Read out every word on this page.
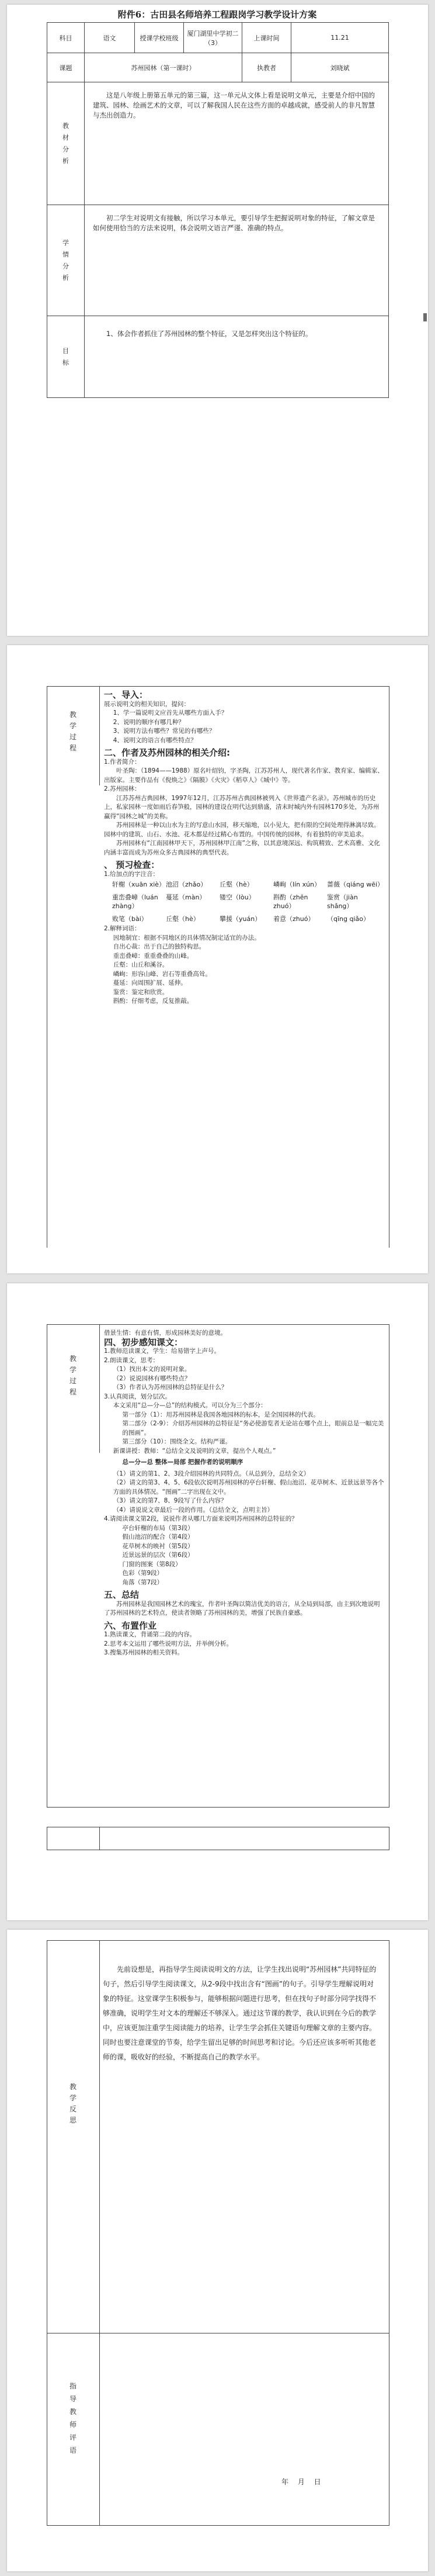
附件6：古田县名师培养工程跟岗学习教学设计方案
科目	语文	授课学校班级	厦门湖里中学初二（3）	上课时间	11.21
课题	苏州园林（第一课时）			执教者	刘晓斌

教
材
分
析	这是八年级上册第五单元的第三篇，这一单元从文体上看是说明文单元，主要是介绍中国的建筑、园林、绘画艺术的文章，可以了解我国人民在这些方面的卓越成就，感受前人的非凡智慧与杰出创造力。				

学
情
分
析	初二学生对说明文有接触，所以学习本单元，要引导学生把握说明对象的特征，了解文章是如何使用恰当的方法来说明，体会说明文语言严谨、准确的特点。				

目
标	1、体会作者抓住了苏州园林的整个特征，又是怎样突出这个特征的。				

教
学
过
程

一、导入：

展示说明文的相关知识，提问：

1、学一篇说明文应首先从哪些方面入手？

2、说明的顺序有哪几种？

3、说明方法有哪些？常见的有哪些？

4、说明文的语言有哪些特点？

二、作者及苏州园林的相关介绍:

1.作者简介：

叶圣陶：（1894——1988）原名叶绍钧，字圣陶，江苏苏州人，现代著名作家、教育家、编辑家、出版家。主要作品有《倪焕之》《隔膜》《火灾》《稻草人》《城中》等。

2.苏州园林：

江苏苏州古典园林，1997年12月，江苏苏州古典园林被列入《世界遗产名录》。苏州城市的历史上，私家园林一度如雨后春笋般，园林的建设在明代达到鼎盛，清末时城内外有园林170多处，为苏州赢得“园林之城”的美称。

苏州园林是一种以山水为主的写意山水园，移天缩地，以小见大，把有限的空间处理得淋漓尽致。园林中的建筑、山石、水池、花木都是经过精心布置的。中国传统的园林，有着独特的审美追求。

苏州园林有“江南园林甲天下，苏州园林甲江南”之称，以其意境深远、构筑精致、艺术高雅、文化内涵丰富而成为苏州众多古典园林的典型代表。

、 预习检查：

1.给加点的字注音：

轩榭（xuān xiè） 池沼（zhǎo）	丘壑（hè）	嶙峋（lín xún） 蔷薇（qiáng wēi）
重峦叠嶂（luán zhàng）
蔓延（màn）	镂空（lòu）	斟酌（zhēn zhuó）
鉴赏（jiàn shǎng）
败笔（bài）	丘壑（hè）	攀援（yuán）	着意（zhuó）	（qīng qiǎo）

2.解释词语：

因地制宜：根据不同地区的具体情况制定适宜的办法。

自出心裁：出于自己的独特构思。

重峦叠嶂：重重叠叠的山峰。

丘壑：山丘和溪谷。

嶙峋：形容山峰、岩石等重叠高耸。

蔓延：向周围扩展、延伸。

鉴赏：鉴定和欣赏。

斟酌：仔细考虑，反复推敲。

教
学
过
程

借景生情：有意有情，形成园林美好的意境。

四、初步感知课文：

1.教师范读课文，学生：给易错字上声号。

2.朗读课文，思考：

（1）找出本文的说明对象。

（2）说说园林有哪些特点？

（3）作者认为苏州园林的总特征是什么？

3.认真阅读，划分层次。

本文采用“总—分—总”的结构模式。可以分为三个部分：

第一部分（1）：用苏州园林是我国各地园林的标本，是全国园林的代表。

第二部分（2-9）：介绍苏州园林的总特征是“务必使游览者无论站在哪个点上，眼前总是一幅完美的图画”。

第三部分（10）：围绕全文。结构严谨。

新课讲授：教师：“总结全文及说明的文章，提出个人观点。”

总—分—总 整体—局部 把握作者的说明顺序

（1）请文的第1、2、3段介绍园林的共同特点。（从总到分，总结全文）

（2）请文的第3、4、5、6段依次说明苏州园林的亭台轩榭、假山池沼、花草树木、近景远景等各个方面的具体情况。“图画”二字出现在文中。

（3）请文的第7、8、9段写了什么内容？

（4）请说说文章最后一段的作用。（总结全文，点明主旨）

4.请阅读课文第2段，说说作者从哪几方面来说明苏州园林的总特征的？

亭台轩榭的布局（第3段）

假山池沼的配合（第4段）

花草树木的映衬（第5段）

近景远景的层次（第6段）

门窗的图案（第8段）

色彩（第9段）

角落（第7段）

五、总结

苏州园林是我国园林艺术的瑰宝，作者叶圣陶以简洁优美的语言，从全局到局部，由主到次地说明了苏州园林的艺术特点，使读者领略了苏州园林的美，增强了民族自豪感。

六、布置作业

1.熟读课文，背诵第二段的内容。

2.思考本文运用了哪些说明方法，并举例分析。

3.搜集苏州园林的相关资料。

教
学
反
思
先前设想是，再指导学生阅读说明文的方法，让学生找出说明“苏州园林”共同特征的句子，然后引导学生阅读课文，从2-9段中找出含有“图画”的句子。引导学生理解说明对象的特征。这堂课学生积极参与，能够根据问题进行思考，但在找句子时部分同学找得不够准确，说明学生对文本的理解还不够深入。通过这节课的教学，我认识到在今后的教学中，应该更加注重学生阅读能力的培养，让学生学会抓住关键语句理解文章的主要内容。同时也要注意课堂的节奏，给学生留出足够的时间思考和讨论。今后还应该多听听其他老师的课，吸收好的经验，不断提高自己的教学水平。
指
导
教
师
评
语
年 月 日
